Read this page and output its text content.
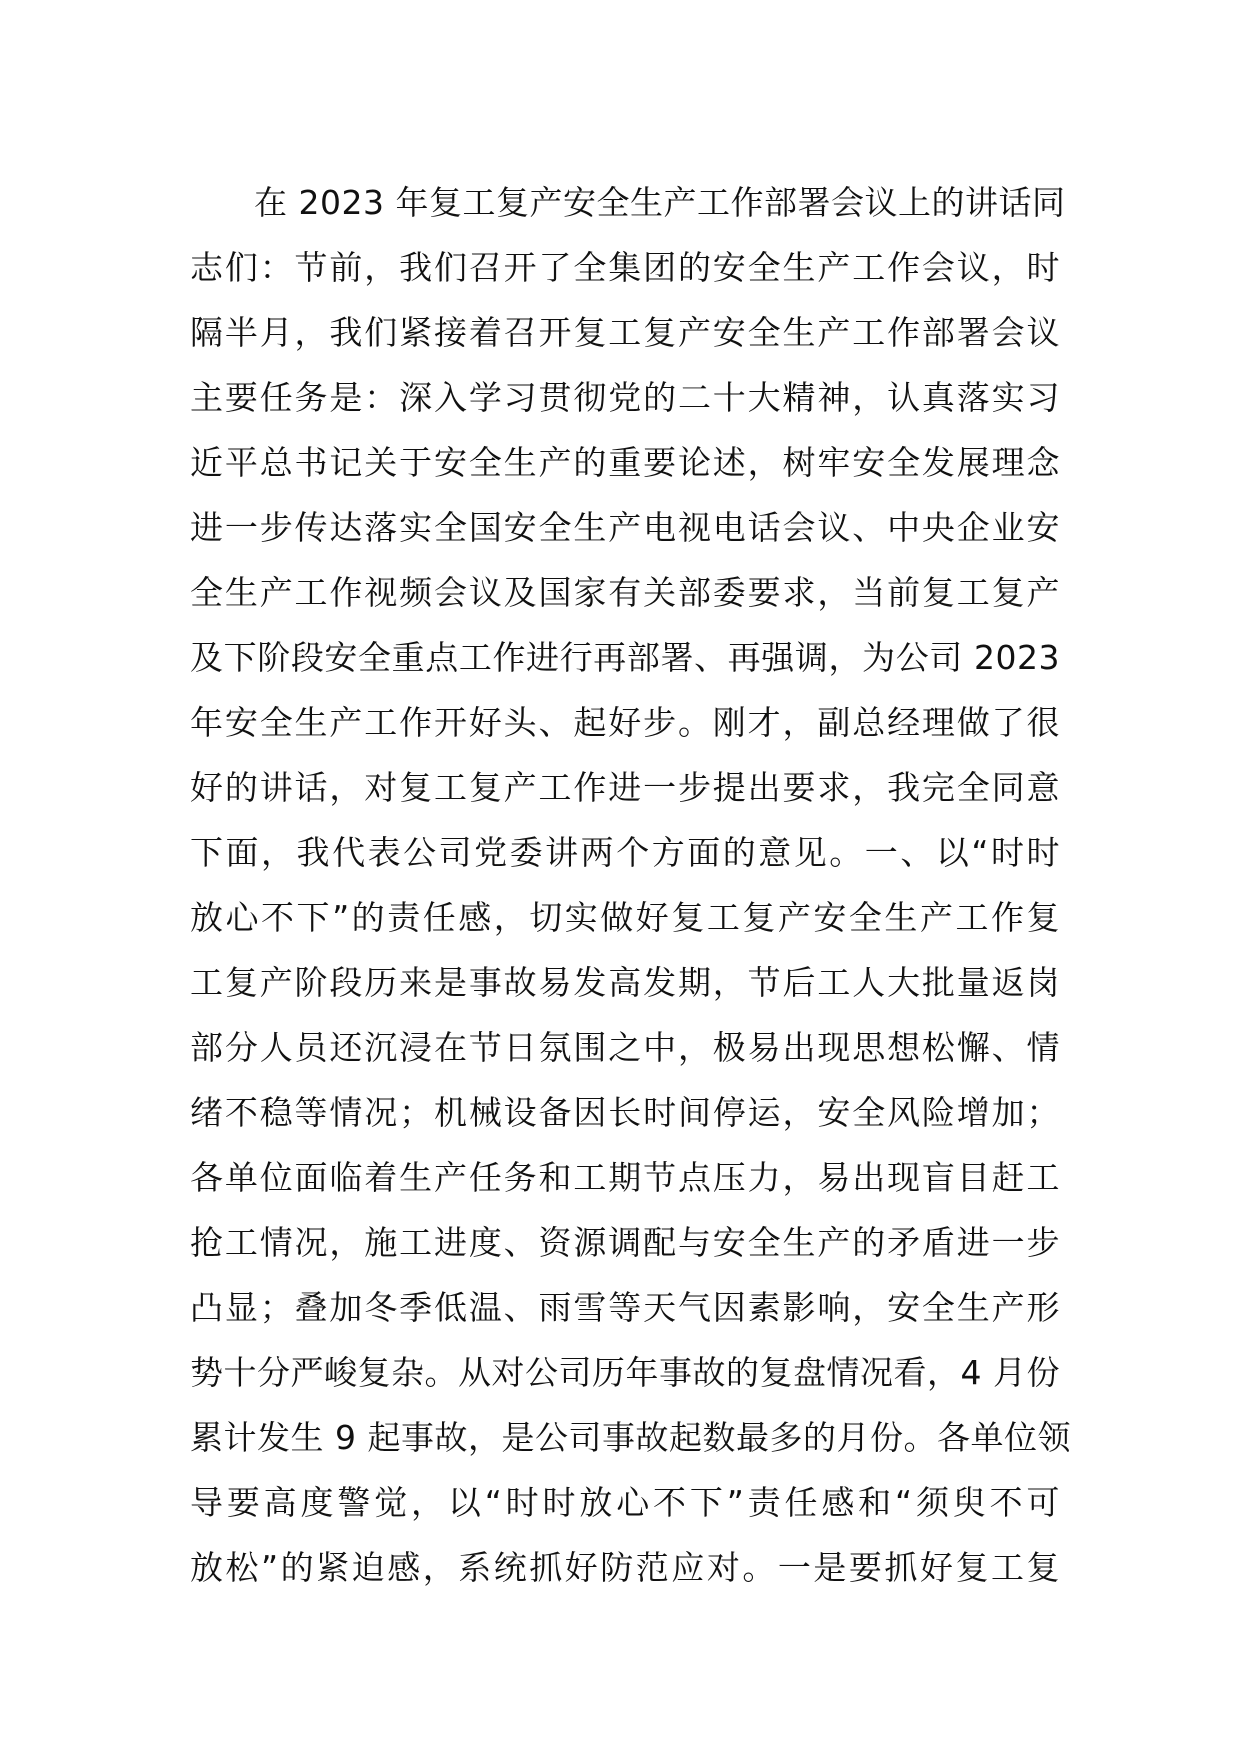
在 2023 年复工复产安全生产工作部署会议上的讲话同
志们：节前，我们召开了全集团的安全生产工作会议，时
隔半月，我们紧接着召开复工复产安全生产工作部署会议
主要任务是：深入学习贯彻党的二十大精神，认真落实习
近平总书记关于安全生产的重要论述，树牢安全发展理念
进一步传达落实全国安全生产电视电话会议、中央企业安
全生产工作视频会议及国家有关部委要求，当前复工复产
及下阶段安全重点工作进行再部署、再强调，为公司 2023
年安全生产工作开好头、起好步。刚才，副总经理做了很
好的讲话，对复工复产工作进一步提出要求，我完全同意
下面，我代表公司党委讲两个方面的意见。一、以“时时
放心不下”的责任感，切实做好复工复产安全生产工作复
工复产阶段历来是事故易发高发期，节后工人大批量返岗
部分人员还沉浸在节日氛围之中，极易出现思想松懈、情
绪不稳等情况；机械设备因长时间停运，安全风险增加；
各单位面临着生产任务和工期节点压力，易出现盲目赶工
抢工情况，施工进度、资源调配与安全生产的矛盾进一步
凸显；叠加冬季低温、雨雪等天气因素影响，安全生产形
势十分严峻复杂。从对公司历年事故的复盘情况看，4 月份
累计发生 9 起事故，是公司事故起数最多的月份。各单位领
导要高度警觉，以“时时放心不下”责任感和“须臾不可
放松”的紧迫感，系统抓好防范应对。一是要抓好复工复
